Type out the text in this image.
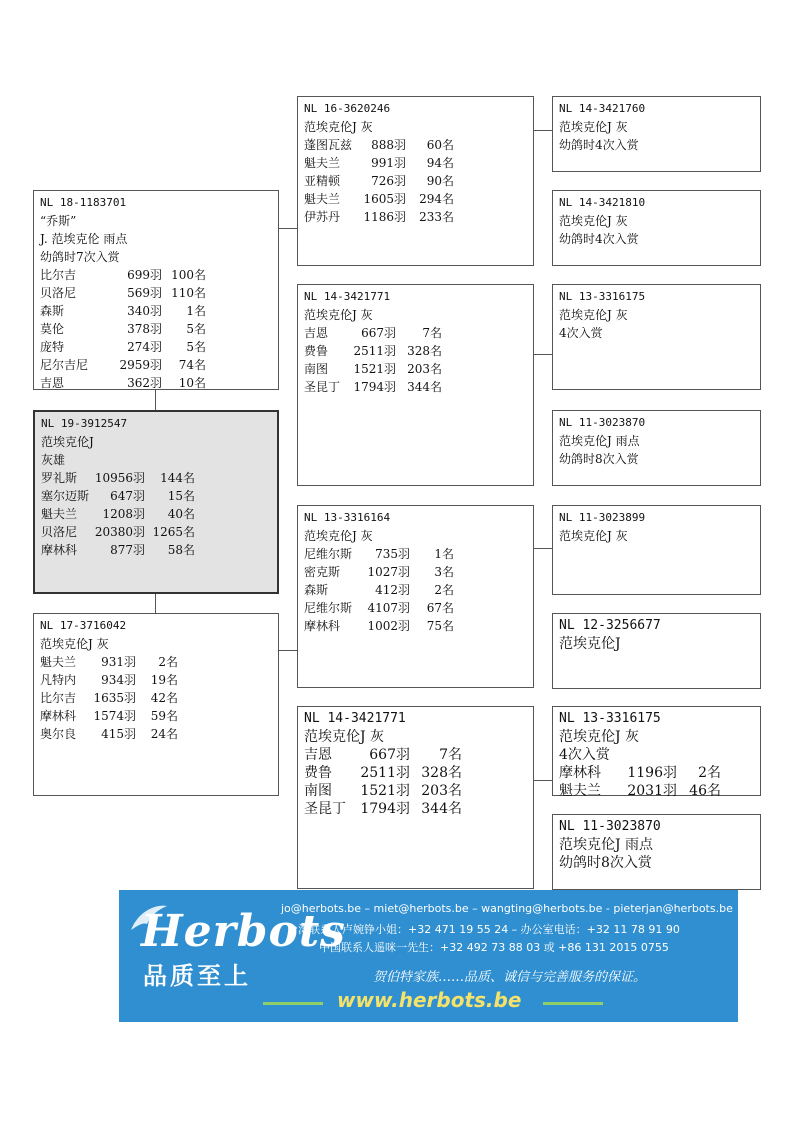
NL 18-1183701
“乔斯”
J. 范埃克伦 雨点
幼鸽时7次入赏
比尔吉	699羽	100名
贝洛尼	569羽	110名
森斯	340羽	1名
莫伦	378羽	5名
庞特	274羽	5名
尼尔吉尼	2959羽	74名
吉恩	362羽	10名
NL 19-3912547
范埃克伦J
灰雄
罗礼斯	10956羽	144名
塞尔迈斯	647羽	15名
魁夫兰	1208羽	40名
贝洛尼	20380羽	1265名
摩林科	877羽	58名
NL 17-3716042
范埃克伦J 灰
魁夫兰	931羽	2名
凡特内	934羽	19名
比尔吉	1635羽	42名
摩林科	1574羽	59名
奥尔良	415羽	24名
NL 16-3620246
范埃克伦J 灰
蓬图瓦兹	888羽	60名
魁夫兰	991羽	94名
亚精顿	726羽	90名
魁夫兰	1605羽	294名
伊苏丹	1186羽	233名
NL 14-3421771
范埃克伦J 灰
吉恩	667羽	7名
费鲁	2511羽	328名
南图	1521羽	203名
圣昆丁	1794羽	344名
NL 13-3316164
范埃克伦J 灰
尼维尔斯	735羽	1名
密克斯	1027羽	3名
森斯	412羽	2名
尼维尔斯	4107羽	67名
摩林科	1002羽	75名
NL 14-3421771
范埃克伦J 灰
吉恩	667羽	7名
费鲁	2511羽	328名
南图	1521羽	203名
圣昆丁	1794羽	344名
NL 14-3421760
范埃克伦J 灰
幼鸽时4次入赏
NL 14-3421810
范埃克伦J 灰
幼鸽时4次入赏
NL 13-3316175
范埃克伦J 灰
4次入赏
NL 11-3023870
范埃克伦J 雨点
幼鸽时8次入赏
NL 11-3023899
范埃克伦J 灰
NL 12-3256677
范埃克伦J
NL 13-3316175
范埃克伦J 灰
4次入赏
摩林科	1196羽	2名
魁夫兰	2031羽	46名
NL 11-3023870
范埃克伦J 雨点
幼鸽时8次入赏
Herbots
品质至上
jo@herbots.be – miet@herbots.be – wangting@herbots.be - pieterjan@herbots.be
台湾联系人卢婉铮小姐：+32 471 19 55 24 – 办公室电话：+32 11 78 91 90
中国联系人遥咪一先生：+32 492 73 88 03 或 +86 131 2015 0755
贺伯特家族……品质、诚信与完善服务的保证。
www.herbots.be
